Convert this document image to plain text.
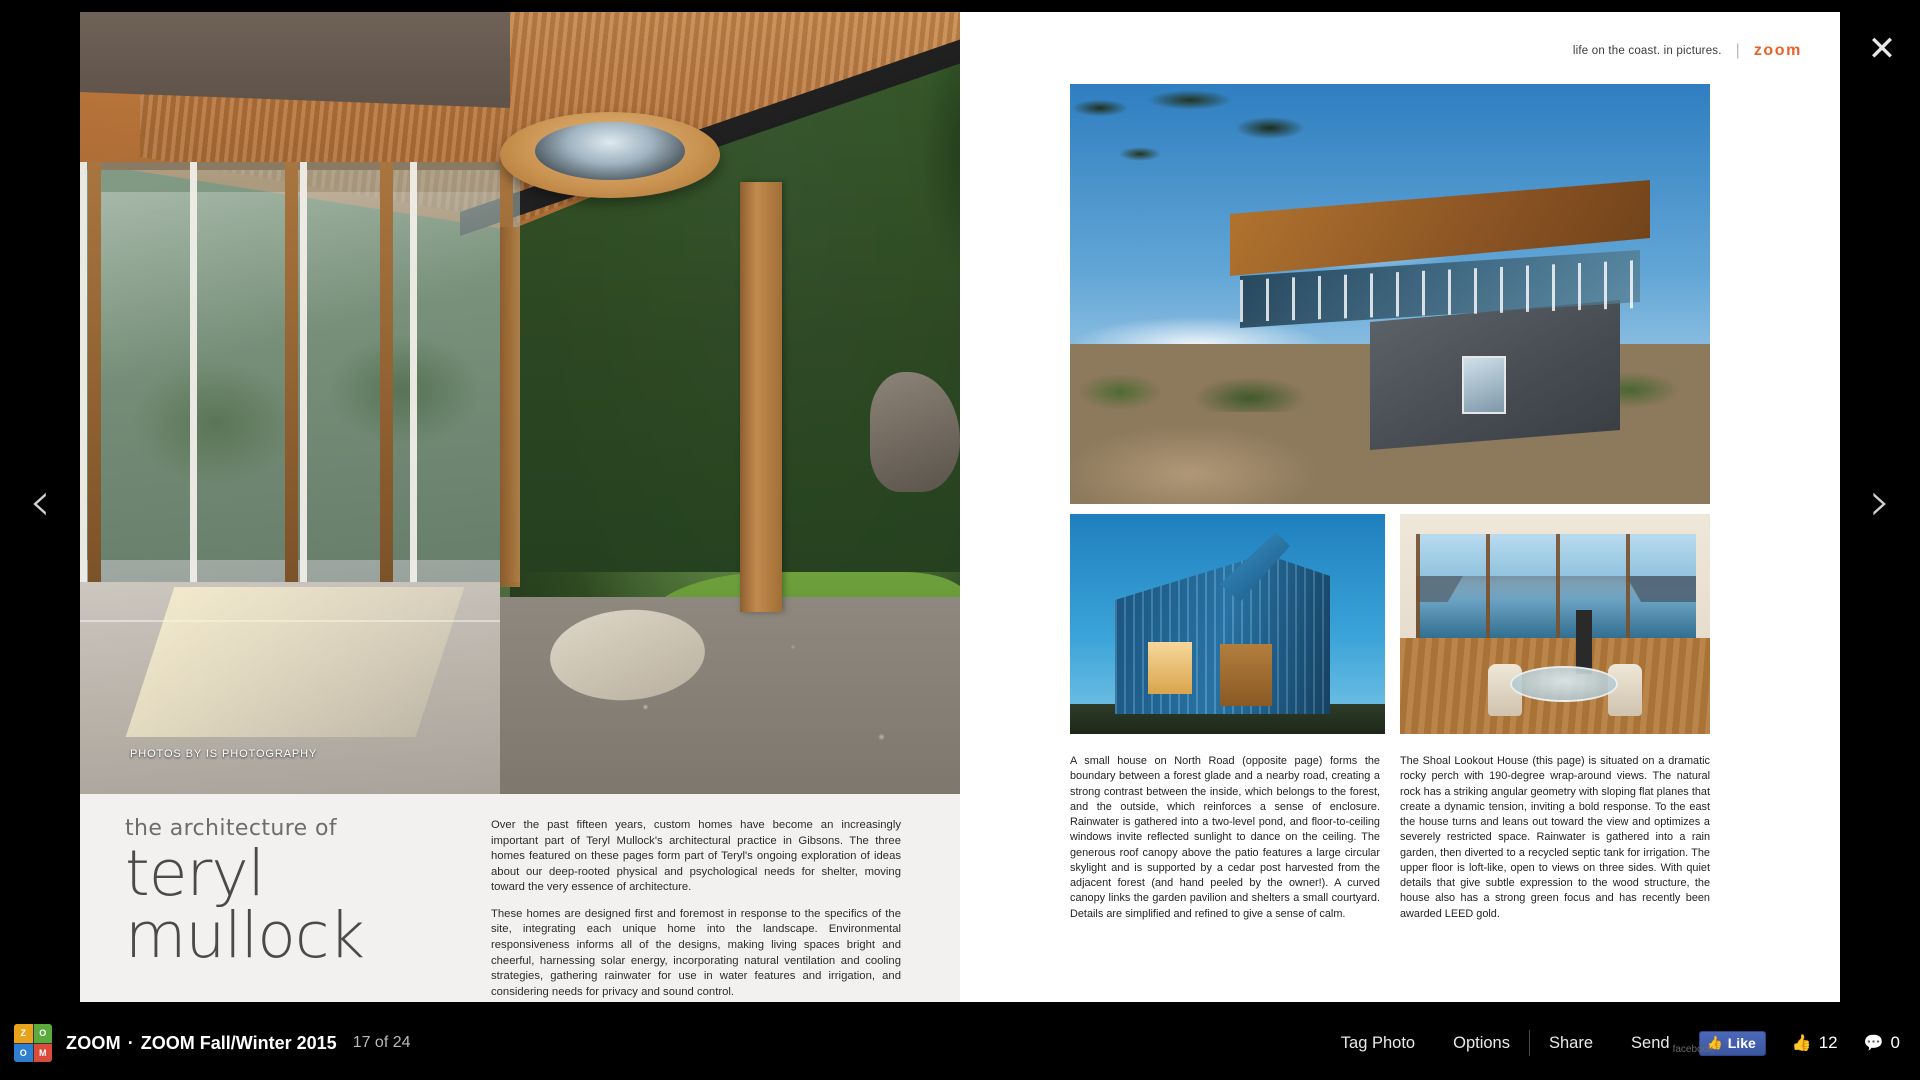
‹	›
✕
PHOTOS BY IS PHOTOGRAPHY
the architecture of
teryl
mullock

Over the past fifteen years, custom homes have become an increasingly important part of Teryl Mullock's architectural practice in Gibsons. The three homes featured on these pages form part of Teryl's ongoing exploration of ideas about our deep-rooted physical and psychological needs for shelter, moving toward the very essence of architecture.

These homes are designed first and foremost in response to the specifics of the site, integrating each unique home into the landscape. Environmental responsiveness informs all of the designs, making living spaces bright and cheerful, harnessing solar energy, incorporating natural ventilation and cooling strategies, gathering rainwater for use in water features and irrigation, and considering needs for privacy and sound control.

life on the coast. in pictures. | zoom

A small house on North Road (opposite page) forms the boundary between a forest glade and a nearby road, creating a strong contrast between the inside, which belongs to the forest, and the outside, which reinforces a sense of enclosure. Rainwater is gathered into a two-level pond, and floor-to-ceiling windows invite reflected sunlight to dance on the ceiling. The generous roof canopy above the patio features a large circular skylight and is supported by a cedar post harvested from the adjacent forest (and hand peeled by the owner!). A curved canopy links the garden pavilion and shelters a small courtyard. Details are simplified and refined to give a sense of calm.

The Shoal Lookout House (this page) is situated on a dramatic rocky perch with 190-degree wrap-around views. The natural rock has a striking angular geometry with sloping flat planes that create a dynamic tension, inviting a bold response. To the east the house turns and leans out toward the view and optimizes a severely restricted space. Rainwater is gathered into a rain garden, then diverted to a recycled septic tank for irrigation. The upper floor is loft-like, open to views on three sides. With quiet details that give subtle expression to the wood structure, the house also has a strong green focus and has recently been awarded LEED gold.

Z	O
O	M
ZOOM · ZOOM Fall/Winter 2015 17 of 24	Tag Photo	Options	Share	Send facebook
👍 Like 👍 12 💬 0
